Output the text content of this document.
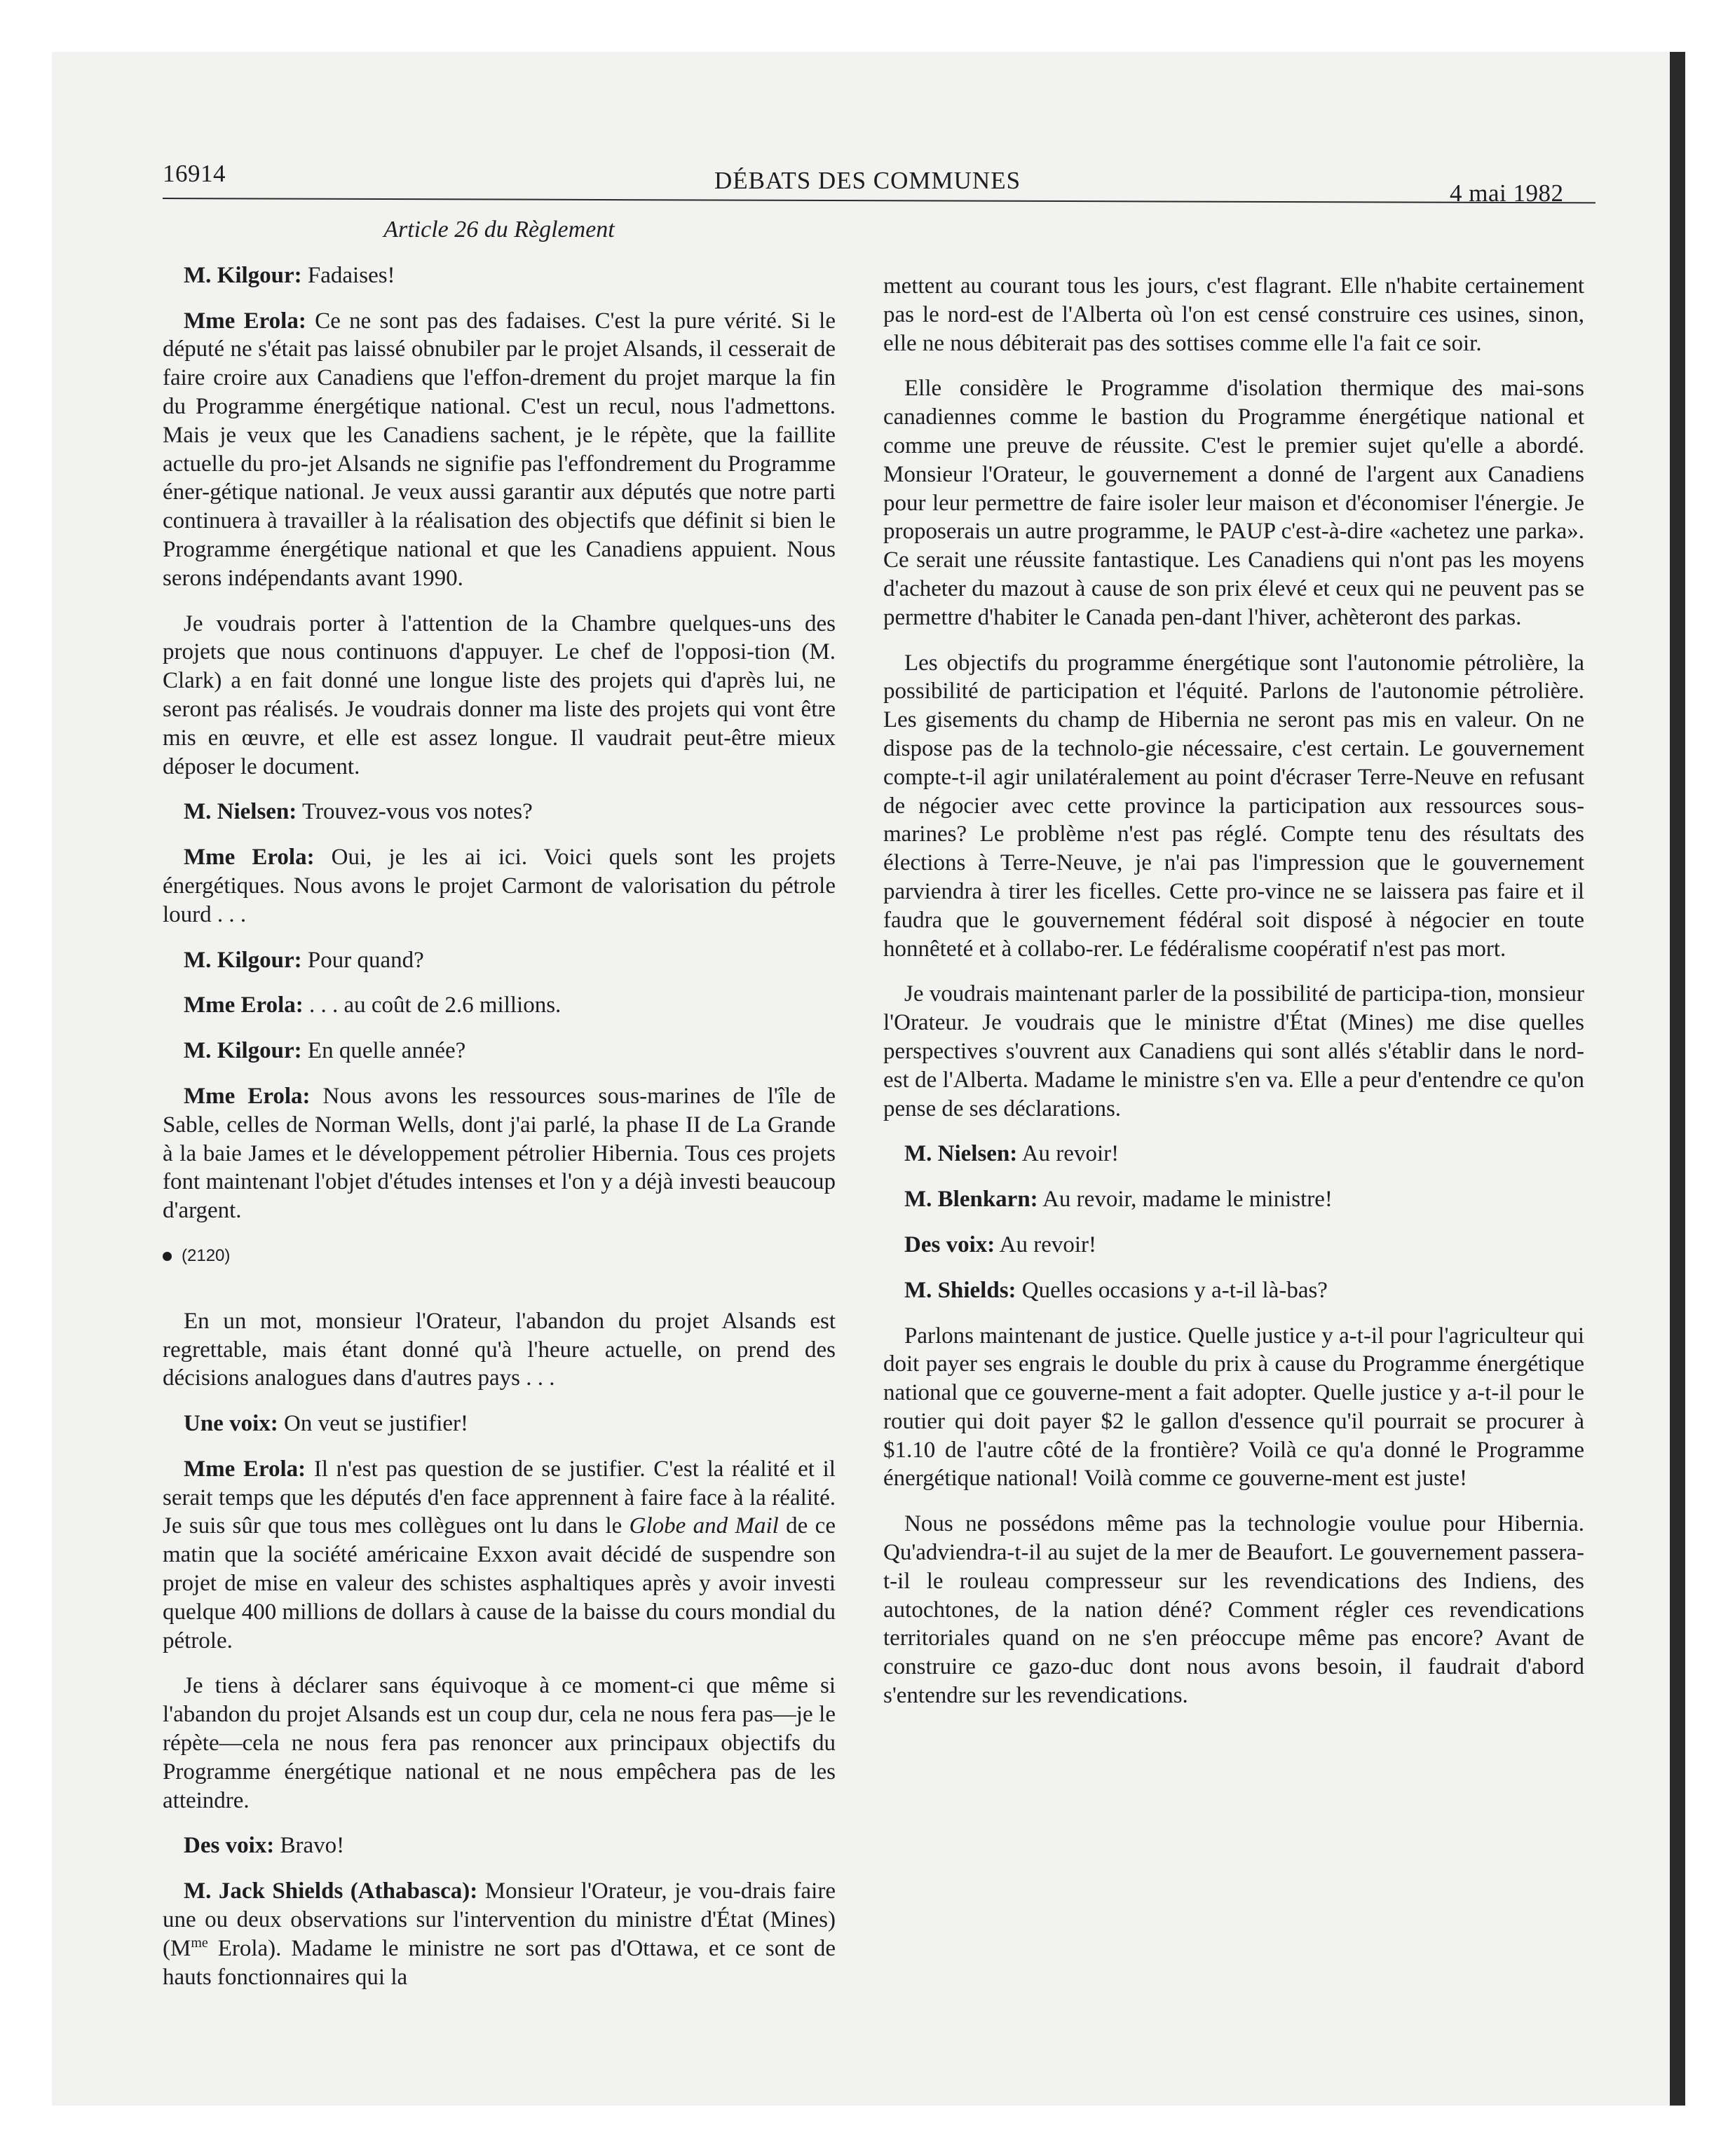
16914	DÉBATS DES COMMUNES	4 mai 1982

Article 26 du Règlement

M. Kilgour: Fadaises!

Mme Erola: Ce ne sont pas des fadaises. C'est la pure vérité. Si le député ne s'était pas laissé obnubiler par le projet Alsands, il cesserait de faire croire aux Canadiens que l'effon-drement du projet marque la fin du Programme énergétique national. C'est un recul, nous l'admettons. Mais je veux que les Canadiens sachent, je le répète, que la faillite actuelle du pro-jet Alsands ne signifie pas l'effondrement du Programme éner-gétique national. Je veux aussi garantir aux députés que notre parti continuera à travailler à la réalisation des objectifs que définit si bien le Programme énergétique national et que les Canadiens appuient. Nous serons indépendants avant 1990.

Je voudrais porter à l'attention de la Chambre quelques-uns des projets que nous continuons d'appuyer. Le chef de l'opposi-tion (M. Clark) a en fait donné une longue liste des projets qui d'après lui, ne seront pas réalisés. Je voudrais donner ma liste des projets qui vont être mis en œuvre, et elle est assez longue. Il vaudrait peut-être mieux déposer le document.

M. Nielsen: Trouvez-vous vos notes?

Mme Erola: Oui, je les ai ici. Voici quels sont les projets énergétiques. Nous avons le projet Carmont de valorisation du pétrole lourd . . .

M. Kilgour: Pour quand?

Mme Erola: . . . au coût de 2.6 millions.

M. Kilgour: En quelle année?

Mme Erola: Nous avons les ressources sous-marines de l'île de Sable, celles de Norman Wells, dont j'ai parlé, la phase II de La Grande à la baie James et le développement pétrolier Hibernia. Tous ces projets font maintenant l'objet d'études intenses et l'on y a déjà investi beaucoup d'argent.

(2120)

En un mot, monsieur l'Orateur, l'abandon du projet Alsands est regrettable, mais étant donné qu'à l'heure actuelle, on prend des décisions analogues dans d'autres pays . . .

Une voix: On veut se justifier!

Mme Erola: Il n'est pas question de se justifier. C'est la réalité et il serait temps que les députés d'en face apprennent à faire face à la réalité. Je suis sûr que tous mes collègues ont lu dans le Globe and Mail de ce matin que la société américaine Exxon avait décidé de suspendre son projet de mise en valeur des schistes asphaltiques après y avoir investi quelque 400 millions de dollars à cause de la baisse du cours mondial du pétrole.

Je tiens à déclarer sans équivoque à ce moment-ci que même si l'abandon du projet Alsands est un coup dur, cela ne nous fera pas—je le répète—cela ne nous fera pas renoncer aux principaux objectifs du Programme énergétique national et ne nous empêchera pas de les atteindre.

Des voix: Bravo!

M. Jack Shields (Athabasca): Monsieur l'Orateur, je vou-drais faire une ou deux observations sur l'intervention du ministre d'État (Mines) ($M^{me}$ Erola). Madame le ministre ne sort pas d'Ottawa, et ce sont de hauts fonctionnaires qui la

mettent au courant tous les jours, c'est flagrant. Elle n'habite certainement pas le nord-est de l'Alberta où l'on est censé construire ces usines, sinon, elle ne nous débiterait pas des sottises comme elle l'a fait ce soir.

Elle considère le Programme d'isolation thermique des mai-sons canadiennes comme le bastion du Programme énergétique national et comme une preuve de réussite. C'est le premier sujet qu'elle a abordé. Monsieur l'Orateur, le gouvernement a donné de l'argent aux Canadiens pour leur permettre de faire isoler leur maison et d'économiser l'énergie. Je proposerais un autre programme, le PAUP c'est-à-dire «achetez une parka». Ce serait une réussite fantastique. Les Canadiens qui n'ont pas les moyens d'acheter du mazout à cause de son prix élevé et ceux qui ne peuvent pas se permettre d'habiter le Canada pen-dant l'hiver, achèteront des parkas.

Les objectifs du programme énergétique sont l'autonomie pétrolière, la possibilité de participation et l'équité. Parlons de l'autonomie pétrolière. Les gisements du champ de Hibernia ne seront pas mis en valeur. On ne dispose pas de la technolo-gie nécessaire, c'est certain. Le gouvernement compte-t-il agir unilatéralement au point d'écraser Terre-Neuve en refusant de négocier avec cette province la participation aux ressources sous-marines? Le problème n'est pas réglé. Compte tenu des résultats des élections à Terre-Neuve, je n'ai pas l'impression que le gouvernement parviendra à tirer les ficelles. Cette pro-vince ne se laissera pas faire et il faudra que le gouvernement fédéral soit disposé à négocier en toute honnêteté et à collabo-rer. Le fédéralisme coopératif n'est pas mort.

Je voudrais maintenant parler de la possibilité de participa-tion, monsieur l'Orateur. Je voudrais que le ministre d'État (Mines) me dise quelles perspectives s'ouvrent aux Canadiens qui sont allés s'établir dans le nord-est de l'Alberta. Madame le ministre s'en va. Elle a peur d'entendre ce qu'on pense de ses déclarations.

M. Nielsen: Au revoir!

M. Blenkarn: Au revoir, madame le ministre!

Des voix: Au revoir!

M. Shields: Quelles occasions y a-t-il là-bas?

Parlons maintenant de justice. Quelle justice y a-t-il pour l'agriculteur qui doit payer ses engrais le double du prix à cause du Programme énergétique national que ce gouverne-ment a fait adopter. Quelle justice y a-t-il pour le routier qui doit payer $2 le gallon d'essence qu'il pourrait se procurer à $1.10 de l'autre côté de la frontière? Voilà ce qu'a donné le Programme énergétique national! Voilà comme ce gouverne-ment est juste!

Nous ne possédons même pas la technologie voulue pour Hibernia. Qu'adviendra-t-il au sujet de la mer de Beaufort. Le gouvernement passera-t-il le rouleau compresseur sur les revendications des Indiens, des autochtones, de la nation déné? Comment régler ces revendications territoriales quand on ne s'en préoccupe même pas encore? Avant de construire ce gazo-duc dont nous avons besoin, il faudrait d'abord s'entendre sur les revendications.
